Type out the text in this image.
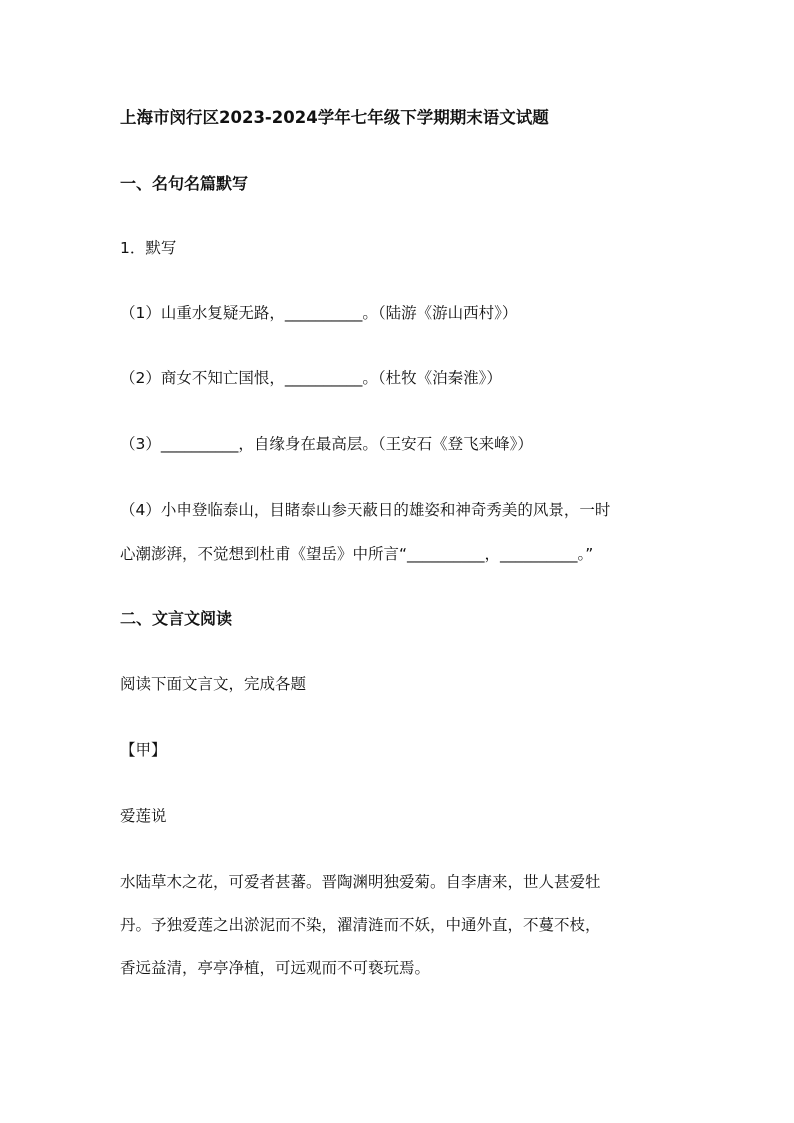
上海市闵行区2023-2024学年七年级下学期期末语文试题
一、名句名篇默写
1．默写
（1）山重水复疑无路，__________。（陆游《游山西村》）
（2）商女不知亡国恨，__________。（杜牧《泊秦淮》）
（3）__________，自缘身在最高层。（王安石《登飞来峰》）
（4）小申登临泰山，目睹泰山参天蔽日的雄姿和神奇秀美的风景，一时
心潮澎湃，不觉想到杜甫《望岳》中所言“__________，__________。”
二、文言文阅读
阅读下面文言文，完成各题
【甲】
爱莲说
水陆草木之花，可爱者甚蕃。晋陶渊明独爱菊。自李唐来，世人甚爱牡
丹。予独爱莲之出淤泥而不染，濯清涟而不妖，中通外直，不蔓不枝，
香远益清，亭亭净植，可远观而不可亵玩焉。
